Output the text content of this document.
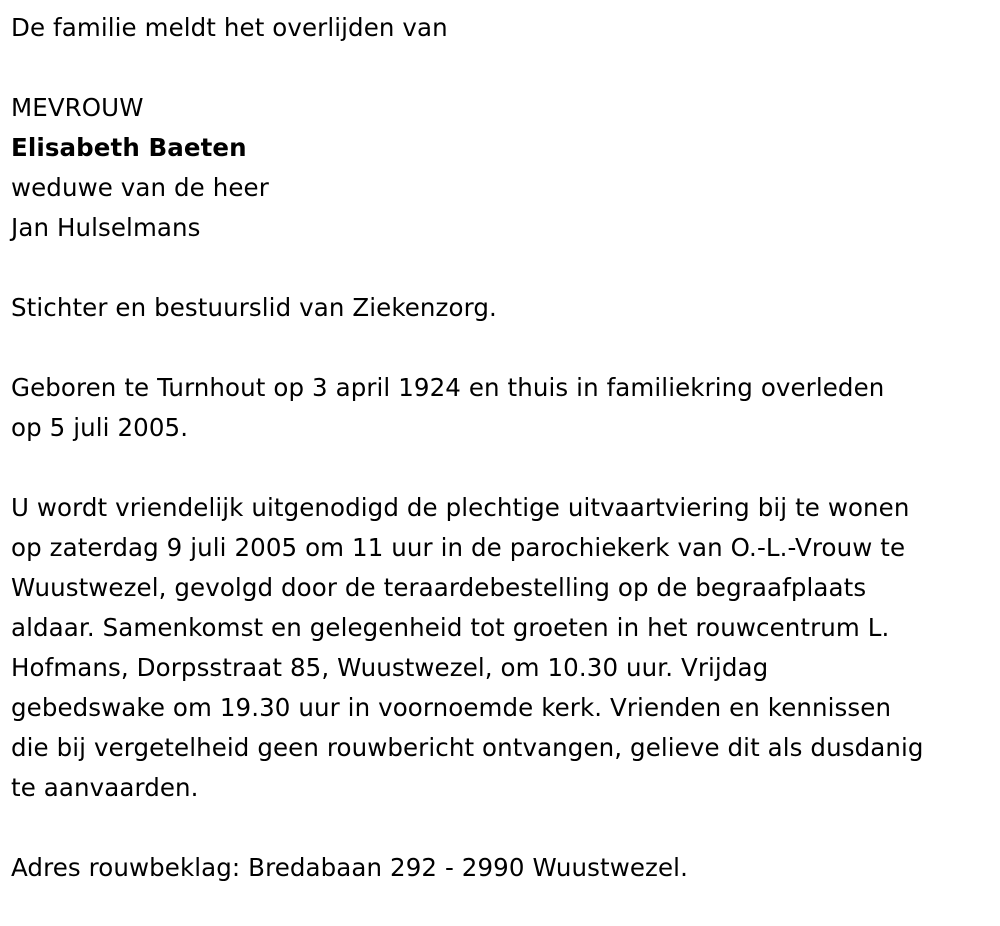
De familie meldt het overlijden van
MEVROUW
Elisabeth Baeten
weduwe van de heer
Jan Hulselmans
Stichter en bestuurslid van Ziekenzorg.
Geboren te Turnhout op 3 april 1924 en thuis in familiekring overleden
op 5 juli 2005.
U wordt vriendelijk uitgenodigd de plechtige uitvaartviering bij te wonen
op zaterdag 9 juli 2005 om 11 uur in de parochiekerk van O.-L.-Vrouw te
Wuustwezel, gevolgd door de teraardebestelling op de begraafplaats
aldaar. Samenkomst en gelegenheid tot groeten in het rouwcentrum L.
Hofmans, Dorpsstraat 85, Wuustwezel, om 10.30 uur. Vrijdag
gebedswake om 19.30 uur in voornoemde kerk. Vrienden en kennissen
die bij vergetelheid geen rouwbericht ontvangen, gelieve dit als dusdanig
te aanvaarden.
Adres rouwbeklag: Bredabaan 292 - 2990 Wuustwezel.
